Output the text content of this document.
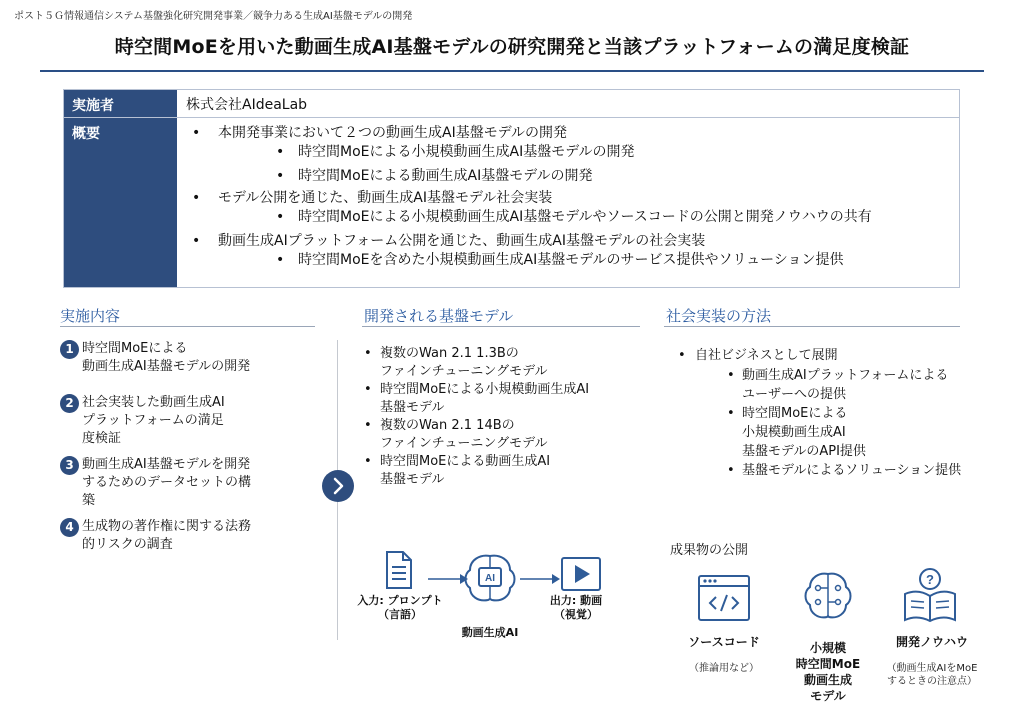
ポスト５Ｇ情報通信システム基盤強化研究開発事業／競争力ある生成AI基盤モデルの開発
時空間MoEを用いた動画生成AI基盤モデルの研究開発と当該プラットフォームの満足度検証
実施者	株式会社AIdeaLab
概要
•	本開発事業において２つの動画生成AI基盤モデルの開発
• 時空間MoEによる小規模動画生成AI基盤モデルの開発
• 時空間MoEによる動画生成AI基盤モデルの開発
• モデル公開を通じた、動画生成AI基盤モデル社会実装
• 時空間MoEによる小規模動画生成AI基盤モデルやソースコードの公開と開発ノウハウの共有
• 動画生成AIプラットフォーム公開を通じた、動画生成AI基盤モデルの社会実装
• 時空間MoEを含めた小規模動画生成AI基盤モデルのサービス提供やソリューション提供
実施内容	開発される基盤モデル	社会実装の方法
1 時空間MoEによる
動画生成AI基盤モデルの開発
2 社会実装した動画生成AI
プラットフォームの満足
度検証
3 動画生成AI基盤モデルを開発
するためのデータセットの構
築
4 生成物の著作権に関する法務
的リスクの調査
• 複数のWan 2.1 1.3Bの
ファインチューニングモデル
• 時空間MoEによる小規模動画生成AI
基盤モデル
• 複数のWan 2.1 14Bの
ファインチューニングモデル
• 時空間MoEによる動画生成AI
基盤モデル
AI
入力: プロンプト
（言語）
動画生成AI
出力: 動画
（視覚）
• 自社ビジネスとして展開
• 動画生成AIプラットフォームによる
ユーザーへの提供
• 時空間MoEによる
小規模動画生成AI
基盤モデルのAPI提供
• 基盤モデルによるソリューション提供
成果物の公開
?
ソースコード
（推論用など）
小規模
時空間MoE
動画生成
モデル
開発ノウハウ
（動画生成AIをMoE
するときの注意点）
